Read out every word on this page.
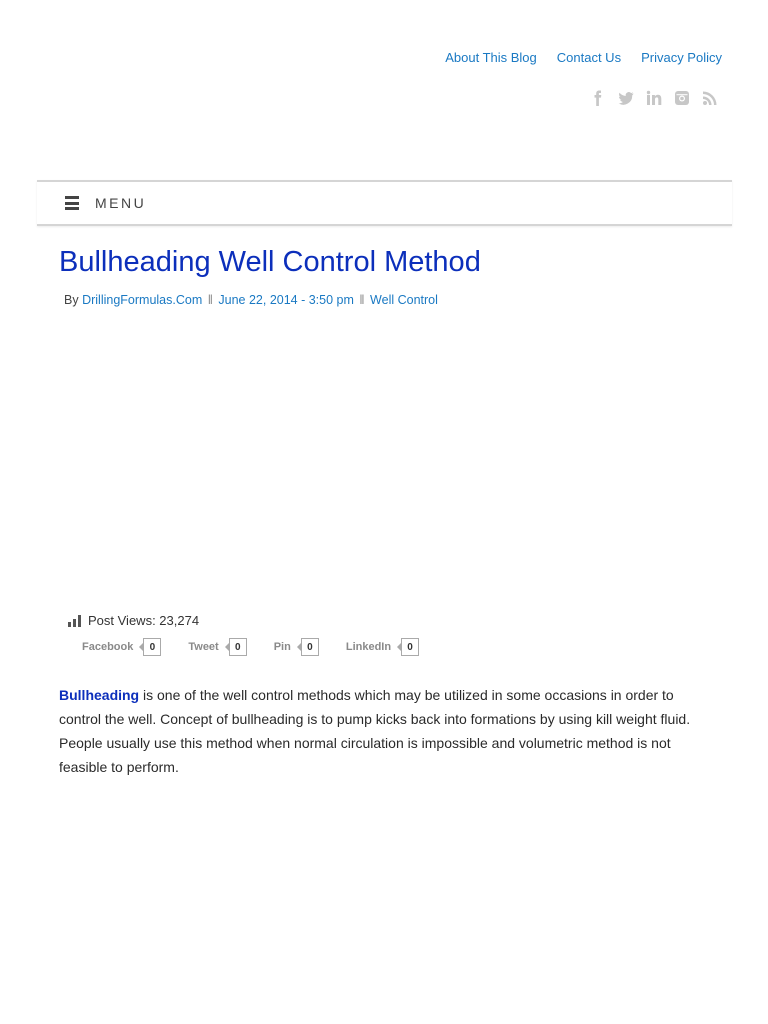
About This Blog Contact Us Privacy Policy
MENU
Bullheading Well Control Method
By DrillingFormulas.Com ‖ June 22, 2014 - 3:50 pm ‖ Well Control
Post Views: 23,274
Facebook	0	Tweet	0	Pin	0	LinkedIn	0

Bullheading is one of the well control methods which may be utilized in some occasions in order to control the well. Concept of bullheading is to pump kicks back into formations by using kill weight fluid. People usually use this method when normal circulation is impossible and volumetric method is not feasible to perform.
